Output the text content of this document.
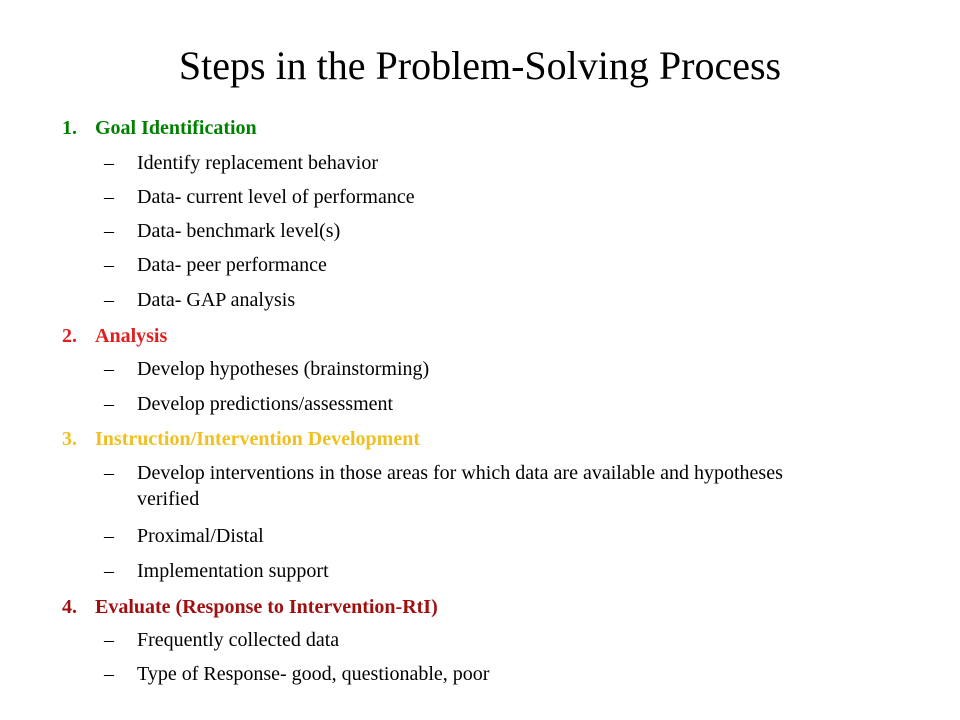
Steps in the Problem-Solving Process
1. Goal Identification
–	Identify replacement behavior
–	Data- current level of performance
–	Data- benchmark level(s)
–	Data- peer performance
–	Data- GAP analysis
2. Analysis
–	Develop hypotheses (brainstorming)
–	Develop predictions/assessment
3. Instruction/Intervention Development
–	Develop interventions in those areas for which data are available and hypotheses verified
–	Proximal/Distal
–	Implementation support
4. Evaluate (Response to Intervention-RtI)
–	Frequently collected data
–	Type of Response- good, questionable, poor
